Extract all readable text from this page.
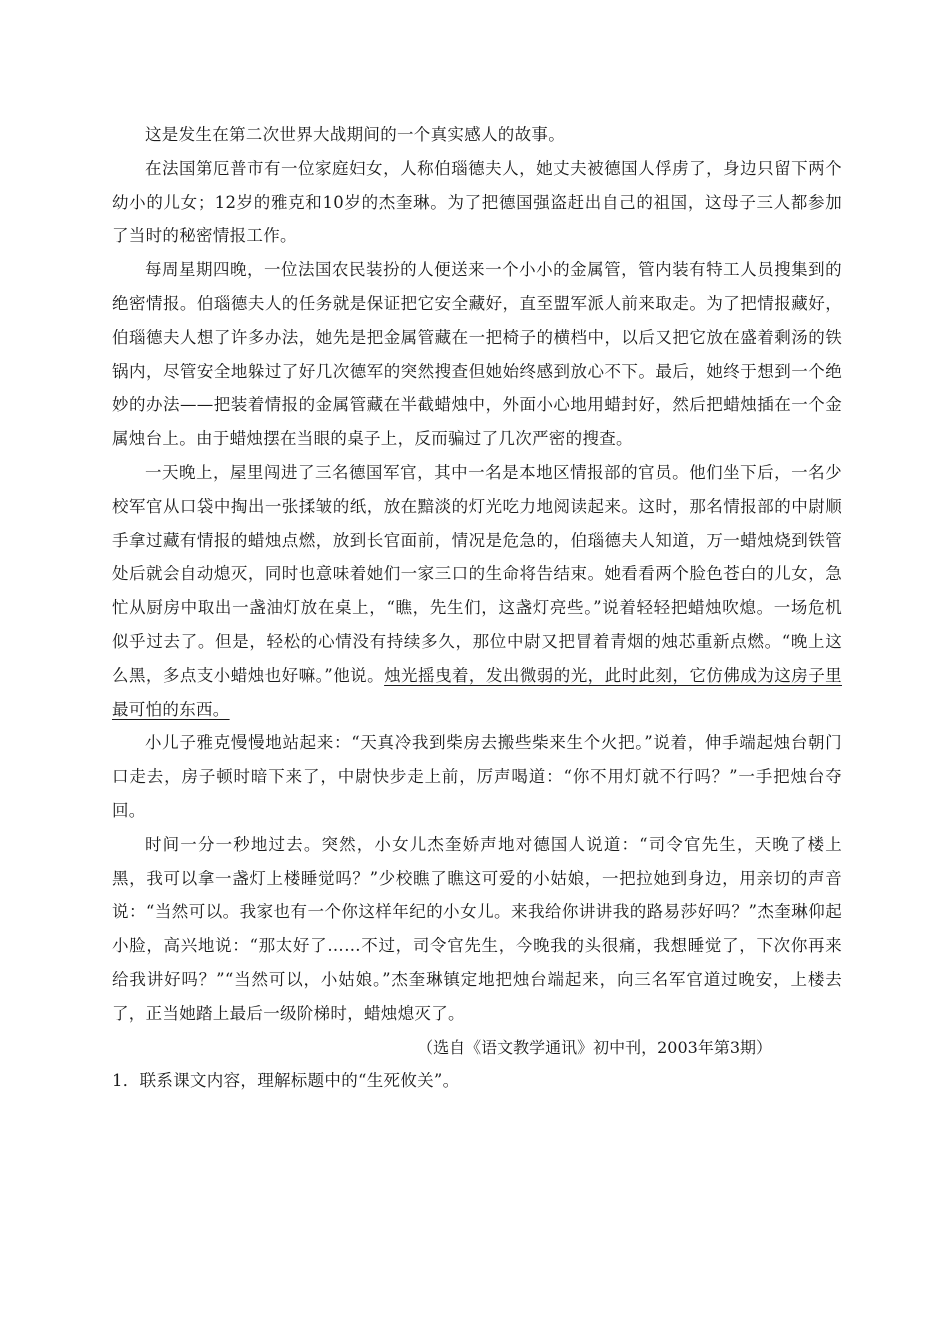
这是发生在第二次世界大战期间的一个真实感人的故事。

在法国第厄普市有一位家庭妇女，人称伯瑙德夫人，她丈夫被德国人俘虏了，身边只留下两个幼小的儿女；12岁的雅克和10岁的杰奎琳。为了把德国强盗赶出自己的祖国，这母子三人都参加了当时的秘密情报工作。

每周星期四晚，一位法国农民装扮的人便送来一个小小的金属管，管内装有特工人员搜集到的绝密情报。伯瑙德夫人的任务就是保证把它安全藏好，直至盟军派人前来取走。为了把情报藏好，伯瑙德夫人想了许多办法，她先是把金属管藏在一把椅子的横档中，以后又把它放在盛着剩汤的铁锅内，尽管安全地躲过了好几次德军的突然搜查但她始终感到放心不下。最后，她终于想到一个绝妙的办法——把装着情报的金属管藏在半截蜡烛中，外面小心地用蜡封好，然后把蜡烛插在一个金属烛台上。由于蜡烛摆在当眼的桌子上，反而骗过了几次严密的搜查。

一天晚上，屋里闯进了三名德国军官，其中一名是本地区情报部的官员。他们坐下后，一名少校军官从口袋中掏出一张揉皱的纸，放在黯淡的灯光吃力地阅读起来。这时，那名情报部的中尉顺手拿过藏有情报的蜡烛点燃，放到长官面前，情况是危急的，伯瑙德夫人知道，万一蜡烛烧到铁管处后就会自动熄灭，同时也意味着她们一家三口的生命将告结束。她看看两个脸色苍白的儿女，急忙从厨房中取出一盏油灯放在桌上，“瞧，先生们，这盏灯亮些。”说着轻轻把蜡烛吹熄。一场危机似乎过去了。但是，轻松的心情没有持续多久，那位中尉又把冒着青烟的烛芯重新点燃。“晚上这么黑，多点支小蜡烛也好嘛。”他说。烛光摇曳着，发出微弱的光，此时此刻，它仿佛成为这房子里最可怕的东西。

小儿子雅克慢慢地站起来：“天真冷我到柴房去搬些柴来生个火把。”说着，伸手端起烛台朝门口走去，房子顿时暗下来了，中尉快步走上前，厉声喝道：“你不用灯就不行吗？”一手把烛台夺回。

时间一分一秒地过去。突然，小女儿杰奎娇声地对德国人说道：“司令官先生，天晚了楼上黑，我可以拿一盏灯上楼睡觉吗？”少校瞧了瞧这可爱的小姑娘，一把拉她到身边，用亲切的声音说：“当然可以。我家也有一个你这样年纪的小女儿。来我给你讲讲我的路易莎好吗？”杰奎琳仰起小脸，高兴地说：“那太好了……不过，司令官先生，今晚我的头很痛，我想睡觉了，下次你再来给我讲好吗？”“当然可以，小姑娘。”杰奎琳镇定地把烛台端起来，向三名军官道过晚安，上楼去了，正当她踏上最后一级阶梯时，蜡烛熄灭了。

（选自《语文教学通讯》初中刊，2003年第3期）

1．联系课文内容，理解标题中的“生死攸关”。
